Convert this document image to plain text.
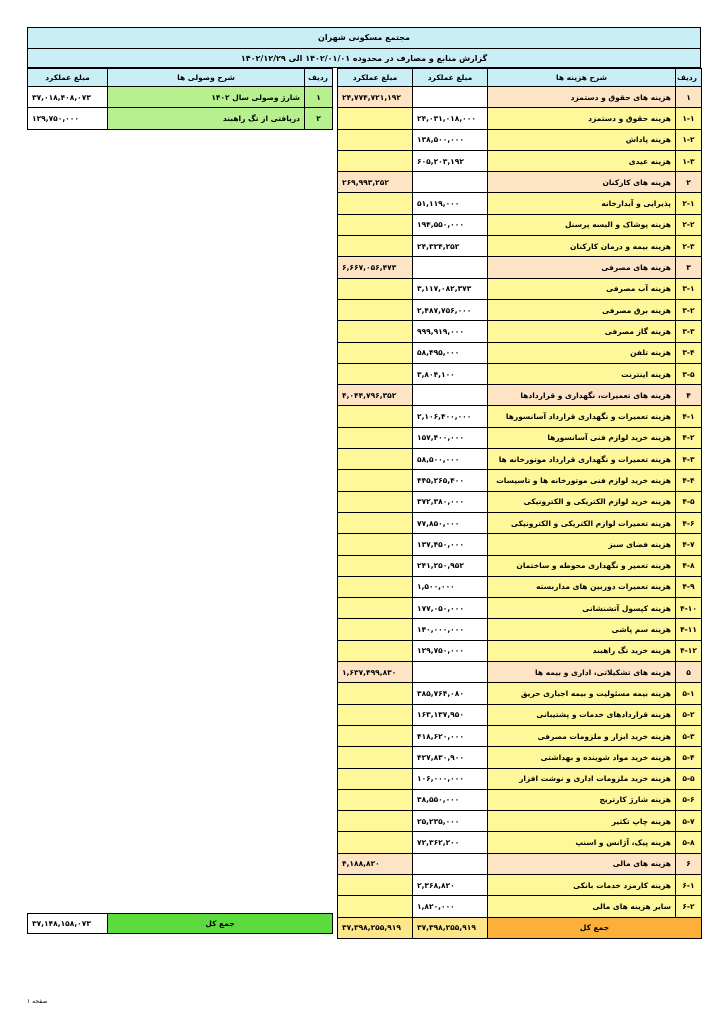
مجتمع مسکونی شهران
گزارش منابع و مصارف در محدوده ۱۴۰۲/۰۱/۰۱ الی ۱۴۰۲/۱۲/۲۹
ردیف	شرح هزینه ها	مبلغ عملکرد	مبلغ عملکرد
۱	هزینه های حقوق و دستمزد		۲۴,۷۷۴,۷۲۱,۱۹۲
۱-۱	هزینه حقوق و دستمزد	۲۴,۰۳۱,۰۱۸,۰۰۰	
۱-۲	هزینه پاداش	۱۳۸,۵۰۰,۰۰۰	
۱-۳	هزینه عیدی	۶۰۵,۲۰۳,۱۹۲	
۲	هزینه های کارکنان		۲۶۹,۹۹۳,۲۵۲
۲-۱	پذیرایی و آبدارخانه	۵۱,۱۱۹,۰۰۰	
۲-۲	هزینه پوشاک و البسه پرسنل	۱۹۴,۵۵۰,۰۰۰	
۲-۳	هزینه بیمه و درمان کارکنان	۲۴,۳۲۴,۲۵۲	
۳	هزینه های مصرفی		۶,۶۶۷,۰۵۶,۴۷۳
۳-۱	هزینه آب مصرفی	۳,۱۱۷,۰۸۲,۳۷۳	
۳-۲	هزینه برق مصرفی	۲,۴۸۷,۷۵۶,۰۰۰	
۳-۳	هزینه گاز مصرفی	۹۹۹,۹۱۹,۰۰۰	
۳-۴	هزینه تلفن	۵۸,۴۹۵,۰۰۰	
۳-۵	هزینه اینترنت	۳,۸۰۴,۱۰۰	
۴	هزینه های تعمیرات، نگهداری و قراردادها		۴,۰۴۴,۷۹۶,۳۵۲
۴-۱	هزینه تعمیرات و نگهداری قرارداد آسانسورها	۲,۱۰۶,۴۰۰,۰۰۰	
۴-۲	هزینه خرید لوازم فنی آسانسورها	۱۵۷,۴۰۰,۰۰۰	
۴-۳	هزینه تعمیرات و نگهداری قرارداد موتورخانه ها	۵۸,۵۰۰,۰۰۰	
۴-۴	هزینه خرید لوازم فنی موتورخانه ها و تاسیسات	۴۴۵,۲۶۵,۴۰۰	
۴-۵	هزینه خرید لوازم الکتریکی و الکترونیکی	۳۷۲,۳۸۰,۰۰۰	
۴-۶	هزینه تعمیرات لوازم الکتریکی و الکترونیکی	۷۷,۸۵۰,۰۰۰	
۴-۷	هزینه فضای سبز	۱۳۷,۴۵۰,۰۰۰	
۴-۸	هزینه تعمیر و نگهداری محوطه و ساختمان	۲۴۱,۲۵۰,۹۵۲	
۴-۹	هزینه تعمیرات دوربین های مداربسته	۱,۵۰۰,۰۰۰	
۴-۱۰	هزینه کپسول آتشنشانی	۱۷۷,۰۵۰,۰۰۰	
۴-۱۱	هزینه سم پاشی	۱۴۰,۰۰۰,۰۰۰	
۴-۱۲	هزینه خرید تگ راهبند	۱۲۹,۷۵۰,۰۰۰	
۵	هزینه های تشکیلاتی، اداری و بیمه ها		۱,۶۳۷,۴۹۹,۸۳۰
۵-۱	هزینه بیمه مسئولیت و بیمه اجباری حریق	۳۸۵,۷۶۴,۰۸۰	
۵-۲	هزینه قراردادهای خدمات و پشتیبانی	۱۶۳,۱۳۷,۹۵۰	
۵-۳	هزینه خرید ابزار و ملزومات مصرفی	۴۱۸,۶۲۰,۰۰۰	
۵-۴	هزینه خرید مواد شوینده و بهداشتی	۴۲۷,۸۳۰,۹۰۰	
۵-۵	هزینه خرید ملزومات اداری و نوشت افزار	۱۰۶,۰۰۰,۰۰۰	
۵-۶	هزینه شارژ کارتریج	۳۸,۵۵۰,۰۰۰	
۵-۷	هزینه چاپ تکثیر	۲۵,۲۳۵,۰۰۰	
۵-۸	هزینه پیک، آژانس و اسنپ	۷۲,۳۶۲,۲۰۰	
۶	هزینه های مالی		۴,۱۸۸,۸۲۰
۶-۱	هزینه کارمزد خدمات بانکی	۲,۳۶۸,۸۲۰	
۶-۲	سایر هزینه های مالی	۱,۸۲۰,۰۰۰	
جمع کل		۳۷,۳۹۸,۲۵۵,۹۱۹	۳۷,۳۹۸,۲۵۵,۹۱۹
ردیف	شرح وصولی ها	مبلغ عملکرد
۱	شارژ وصولی سال ۱۴۰۲	۳۷,۰۱۸,۴۰۸,۰۷۳
۲	دریافتی از تگ راهبند	۱۲۹,۷۵۰,۰۰۰
جمع کل	۳۷,۱۴۸,۱۵۸,۰۷۳
صفحه ۱
